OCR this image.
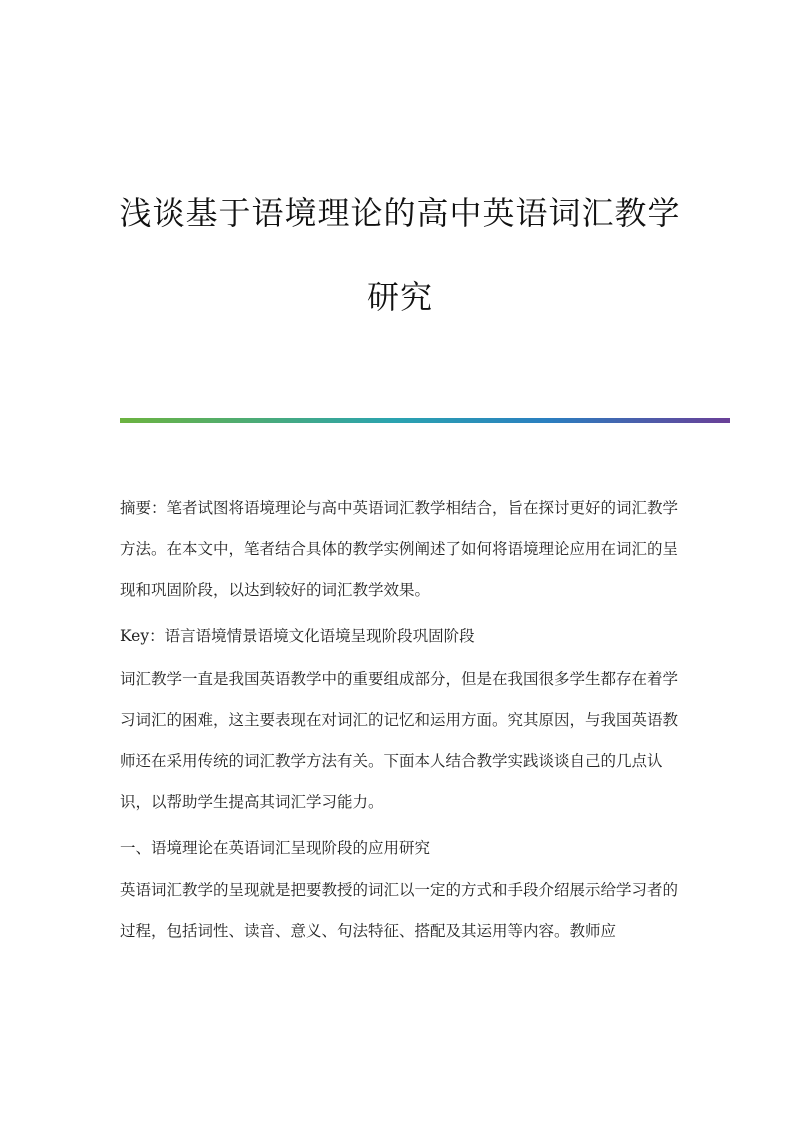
浅谈基于语境理论的高中英语词汇教学
研究
摘要：笔者试图将语境理论与高中英语词汇教学相结合，旨在探讨更好的词汇教学方法。在本文中，笔者结合具体的教学实例阐述了如何将语境理论应用在词汇的呈现和巩固阶段，以达到较好的词汇教学效果。
Key：语言语境情景语境文化语境呈现阶段巩固阶段
词汇教学一直是我国英语教学中的重要组成部分，但是在我国很多学生都存在着学习词汇的困难，这主要表现在对词汇的记忆和运用方面。究其原因，与我国英语教师还在采用传统的词汇教学方法有关。下面本人结合教学实践谈谈自己的几点认识，以帮助学生提高其词汇学习能力。
一、语境理论在英语词汇呈现阶段的应用研究
英语词汇教学的呈现就是把要教授的词汇以一定的方式和手段介绍展示给学习者的过程，包括词性、读音、意义、句法特征、搭配及其运用等内容。教师应
